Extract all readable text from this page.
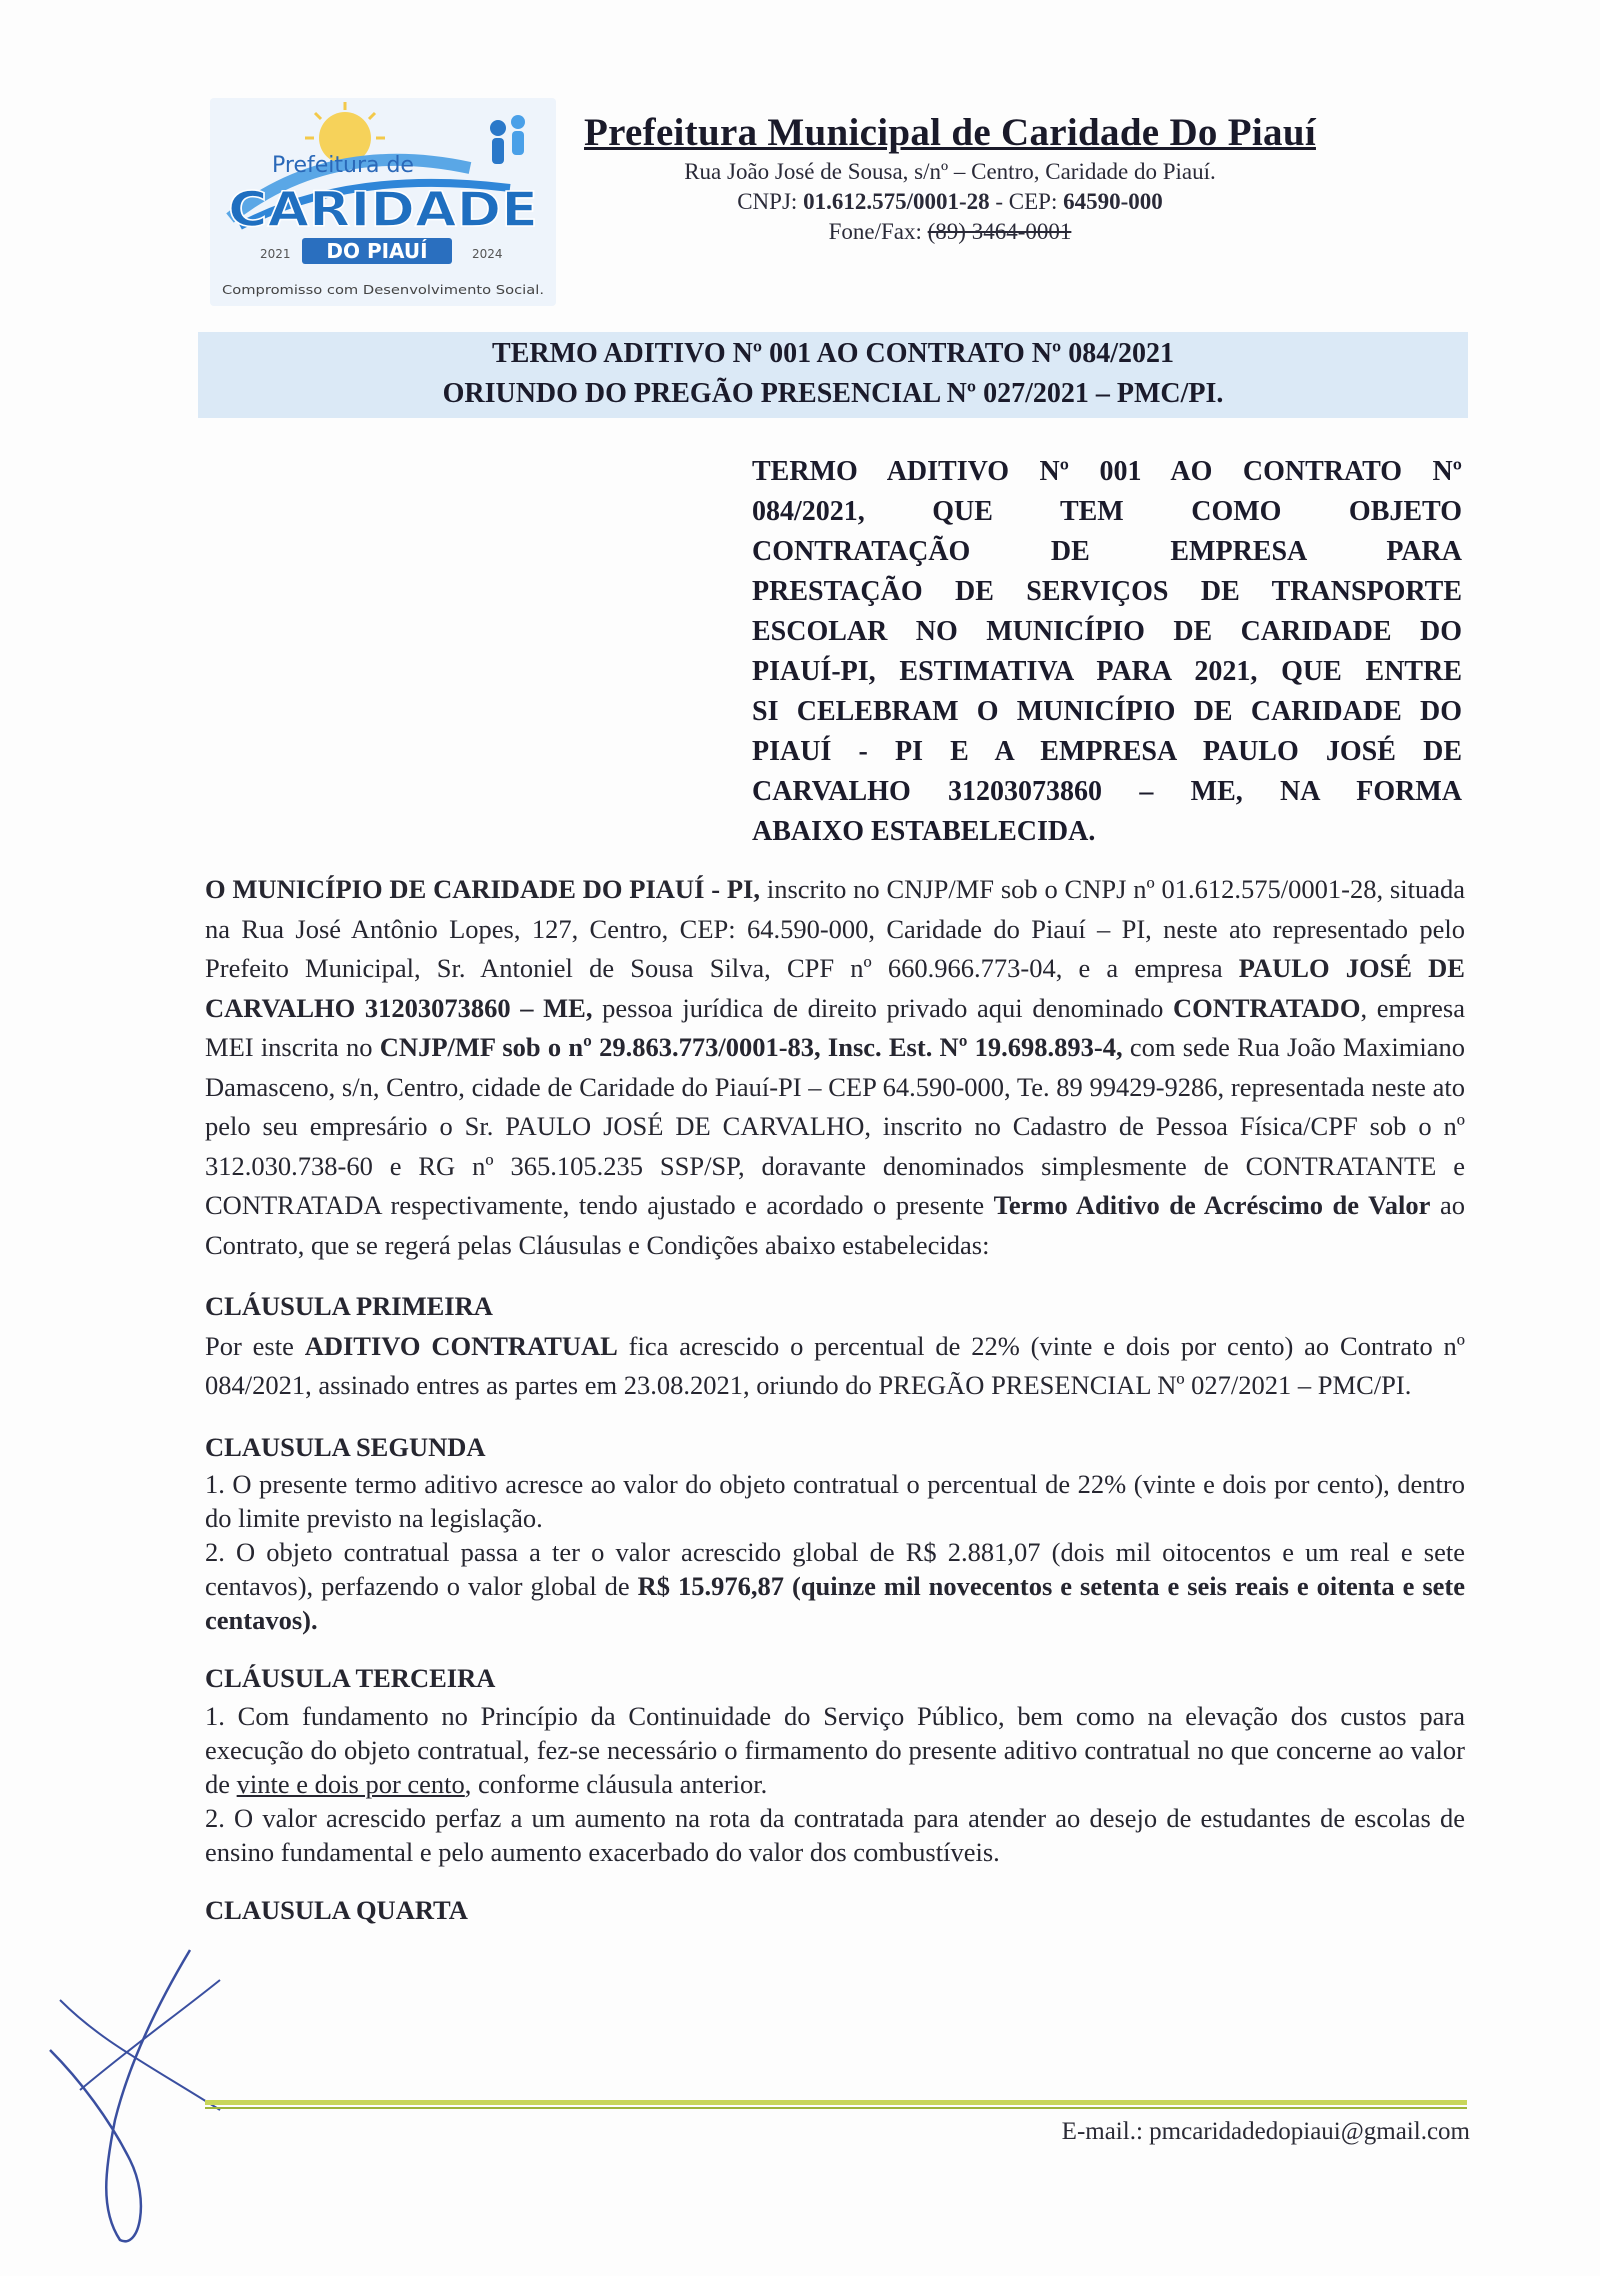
Prefeitura de
CARIDADE
DO PIAUÍ
2021	2024
Compromisso com Desenvolvimento Social.
Prefeitura Municipal de Caridade Do Piauí
Rua João José de Sousa, s/nº – Centro, Caridade do Piauí.
CNPJ: 01.612.575/0001-28 - CEP: 64590-000
Fone/Fax: (89) 3464-0001
TERMO ADITIVO Nº 001 AO CONTRATO Nº 084/2021
ORIUNDO DO PREGÃO PRESENCIAL Nº 027/2021 – PMC/PI.
TERMO ADITIVO Nº 001 AO CONTRATO Nº
084/2021, QUE TEM COMO OBJETO
CONTRATAÇÃO DE EMPRESA PARA
PRESTAÇÃO DE SERVIÇOS DE TRANSPORTE
ESCOLAR NO MUNICÍPIO DE CARIDADE DO
PIAUÍ-PI, ESTIMATIVA PARA 2021, QUE ENTRE
SI CELEBRAM O MUNICÍPIO DE CARIDADE DO
PIAUÍ - PI E A EMPRESA PAULO JOSÉ DE
CARVALHO 31203073860 – ME, NA FORMA
ABAIXO ESTABELECIDA.

O MUNICÍPIO DE CARIDADE DO PIAUÍ - PI, inscrito no CNJP/MF sob o CNPJ nº 01.612.575/0001-28, situada na Rua José Antônio Lopes, 127, Centro, CEP: 64.590-000, Caridade do Piauí – PI, neste ato representado pelo Prefeito Municipal, Sr. Antoniel de Sousa Silva, CPF nº 660.966.773-04, e a empresa PAULO JOSÉ DE CARVALHO 31203073860 – ME, pessoa jurídica de direito privado aqui denominado CONTRATADO, empresa MEI inscrita no CNJP/MF sob o nº 29.863.773/0001-83, Insc. Est. Nº 19.698.893-4, com sede Rua João Maximiano Damasceno, s/n, Centro, cidade de Caridade do Piauí-PI – CEP 64.590-000, Te. 89 99429-9286, representada neste ato pelo seu empresário o Sr. PAULO JOSÉ DE CARVALHO, inscrito no Cadastro de Pessoa Física/CPF sob o nº 312.030.738-60 e RG nº 365.105.235 SSP/SP, doravante denominados simplesmente de CONTRATANTE e CONTRATADA respectivamente, tendo ajustado e acordado o presente Termo Aditivo de Acréscimo de Valor ao Contrato, que se regerá pelas Cláusulas e Condições abaixo estabelecidas:

CLÁUSULA PRIMEIRA

Por este ADITIVO CONTRATUAL fica acrescido o percentual de 22% (vinte e dois por cento) ao Contrato nº 084/2021, assinado entres as partes em 23.08.2021, oriundo do PREGÃO PRESENCIAL Nº 027/2021 – PMC/PI.

CLAUSULA SEGUNDA

1. O presente termo aditivo acresce ao valor do objeto contratual o percentual de 22% (vinte e dois por cento), dentro do limite previsto na legislação.

2. O objeto contratual passa a ter o valor acrescido global de R$ 2.881,07 (dois mil oitocentos e um real e sete centavos), perfazendo o valor global de R$ 15.976,87 (quinze mil novecentos e setenta e seis reais e oitenta e sete centavos).

CLÁUSULA TERCEIRA

1. Com fundamento no Princípio da Continuidade do Serviço Público, bem como na elevação dos custos para execução do objeto contratual, fez-se necessário o firmamento do presente aditivo contratual no que concerne ao valor de vinte e dois por cento, conforme cláusula anterior.

2. O valor acrescido perfaz a um aumento na rota da contratada para atender ao desejo de estudantes de escolas de ensino fundamental e pelo aumento exacerbado do valor dos combustíveis.

CLAUSULA QUARTA

E-mail.: pmcaridadedopiaui@gmail.com
